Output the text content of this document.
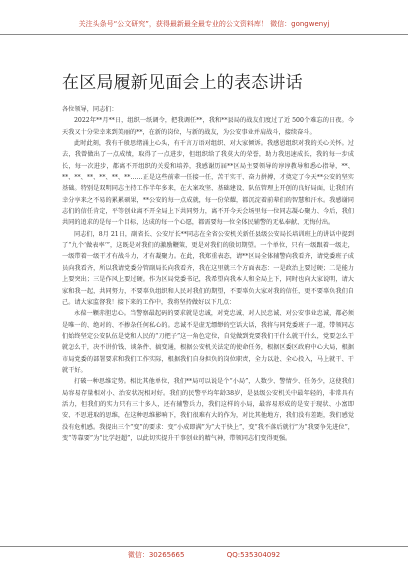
关注头条号“公文研究”，获得最新最全最专业的公文资料库！ 微信：gongwenyj
在区局履新见面会上的表态讲话

各位领导，同志们：

2022年**月**日，组织一纸调令，把我调任**，我和**县局的战友们度过了近 500个难忘的日夜。今天我又十分荣幸来到美丽的**，在新的岗位，与新的战友，为公安事业并肩战斗，接续奋斗。

此时此刻，我有千般思绪涌上心头，有千言万语对组织、对大家倾诉。我感恩组织对我的关心关怀。过去，我曾做出了一点成绩，取得了一点进步，但组织给了我莫大的荣誉，助力我迅速成长，我的每一步成长，每一次进步，都离不开组织的关爱和培养，我感谢历届**区局主要领导的谆谆教导和悉心指导，**、**、**、**、**、**、**……正是这些前辈一任接一任，苦干实干、奋力拼搏，才奠定了今天**公安的坚实基础。特别是双明同志主持工作半年多来，在大案攻坚、基础建设、队伍管理上开创的良好局面，让我们有幸分享来之不易的累累硕果，**公安的每一点成就，每一份荣耀，都沉淀着前辈们的智慧和汗水。我感谢同志们的信任肯定，平等创业离不开全局上下共同努力，离不开今天会场里每一位同志凝心聚力、今后，我们共同的追求的是每一个目标，达成的每一个心愿，都需要每一位全体民辅警的无私奉献、无悔付出。

同志们，8月 21日，副省长、公安厅长**同志在全省公安机关新任县级公安局长培训班上的讲话中提到了“九个‘做表率’”，这既是对我们的激励鞭策，更是对我们的殷切期望。一个单位，只有一级跟着一级走，一级带着一级干才有战斗力，才有凝聚力。在此，我郑重表态，请**区局全体辅警向我看齐，请党委班子成员向我看齐，所以我请党委分管副局长向我看齐，我在这里就三个方面表态：一是政治上要过硬；二是能力上要突出；三是作风上要过硬。作为区局党委书记，我希望向我本人和全局上下，同时也向大家说明，请大家和我一起，共同努力，不要辜负组织和人民对我们的期望，不要辜负大家对我的信任，更不要辜负我们自己。请大家监督我！接下来的工作中，我将坚持做好以下几点：

永葆一颗赤胆忠心。当警察最起码的要求就是忠诚，对党忠诚、对人民忠诚、对公安事业忠诚，都必须是唯一的、绝对的、不掺杂任何私心的。忠诚不是虚无缥缈的空话大话，我将与同党委班子一道，带领同志们始终坚定公安队伍是党和人民的“刀把子”这一角色定位，自觉做到党要我们干什么就干什么，党要怎么干就怎么干，决不讲价钱、谈条件、搞变通，根据公安机关法定的使命任务，根据区委区政府中心大局，根据市局党委的部署要求和我们工作实际，根据我们自身担负的岗位职责，全力以赴、全心投入，马上就干、干就干好。

打破一种思维定势。相比其他单位，我们**局可以说是个“小局”，人数少、警情少、任务少，这使我们局容易存量相对小、治安状况相对好。我们的民警平均年龄38岁，是县级公安机关中最年轻的，非常具有活力，但我们的实力只有三十多人，还有辅警兵力，我们这样的小局，最容易形成的是安于现状、小富即安、不思进取的思维，在这种思维影响下，我们很难有大的作为，对比其他地方，我们没有差距，我们感觉没有危机感。我提出三个“变”的要求：变“小成即满”为“大干快上”，变“我不落后就行”为“我要争先进位”，变“等靠要”为“比学赶超”，以此切实提升干事创业的精气神，带领同志们变得更强。

微信：30265665	QQ:535304092
